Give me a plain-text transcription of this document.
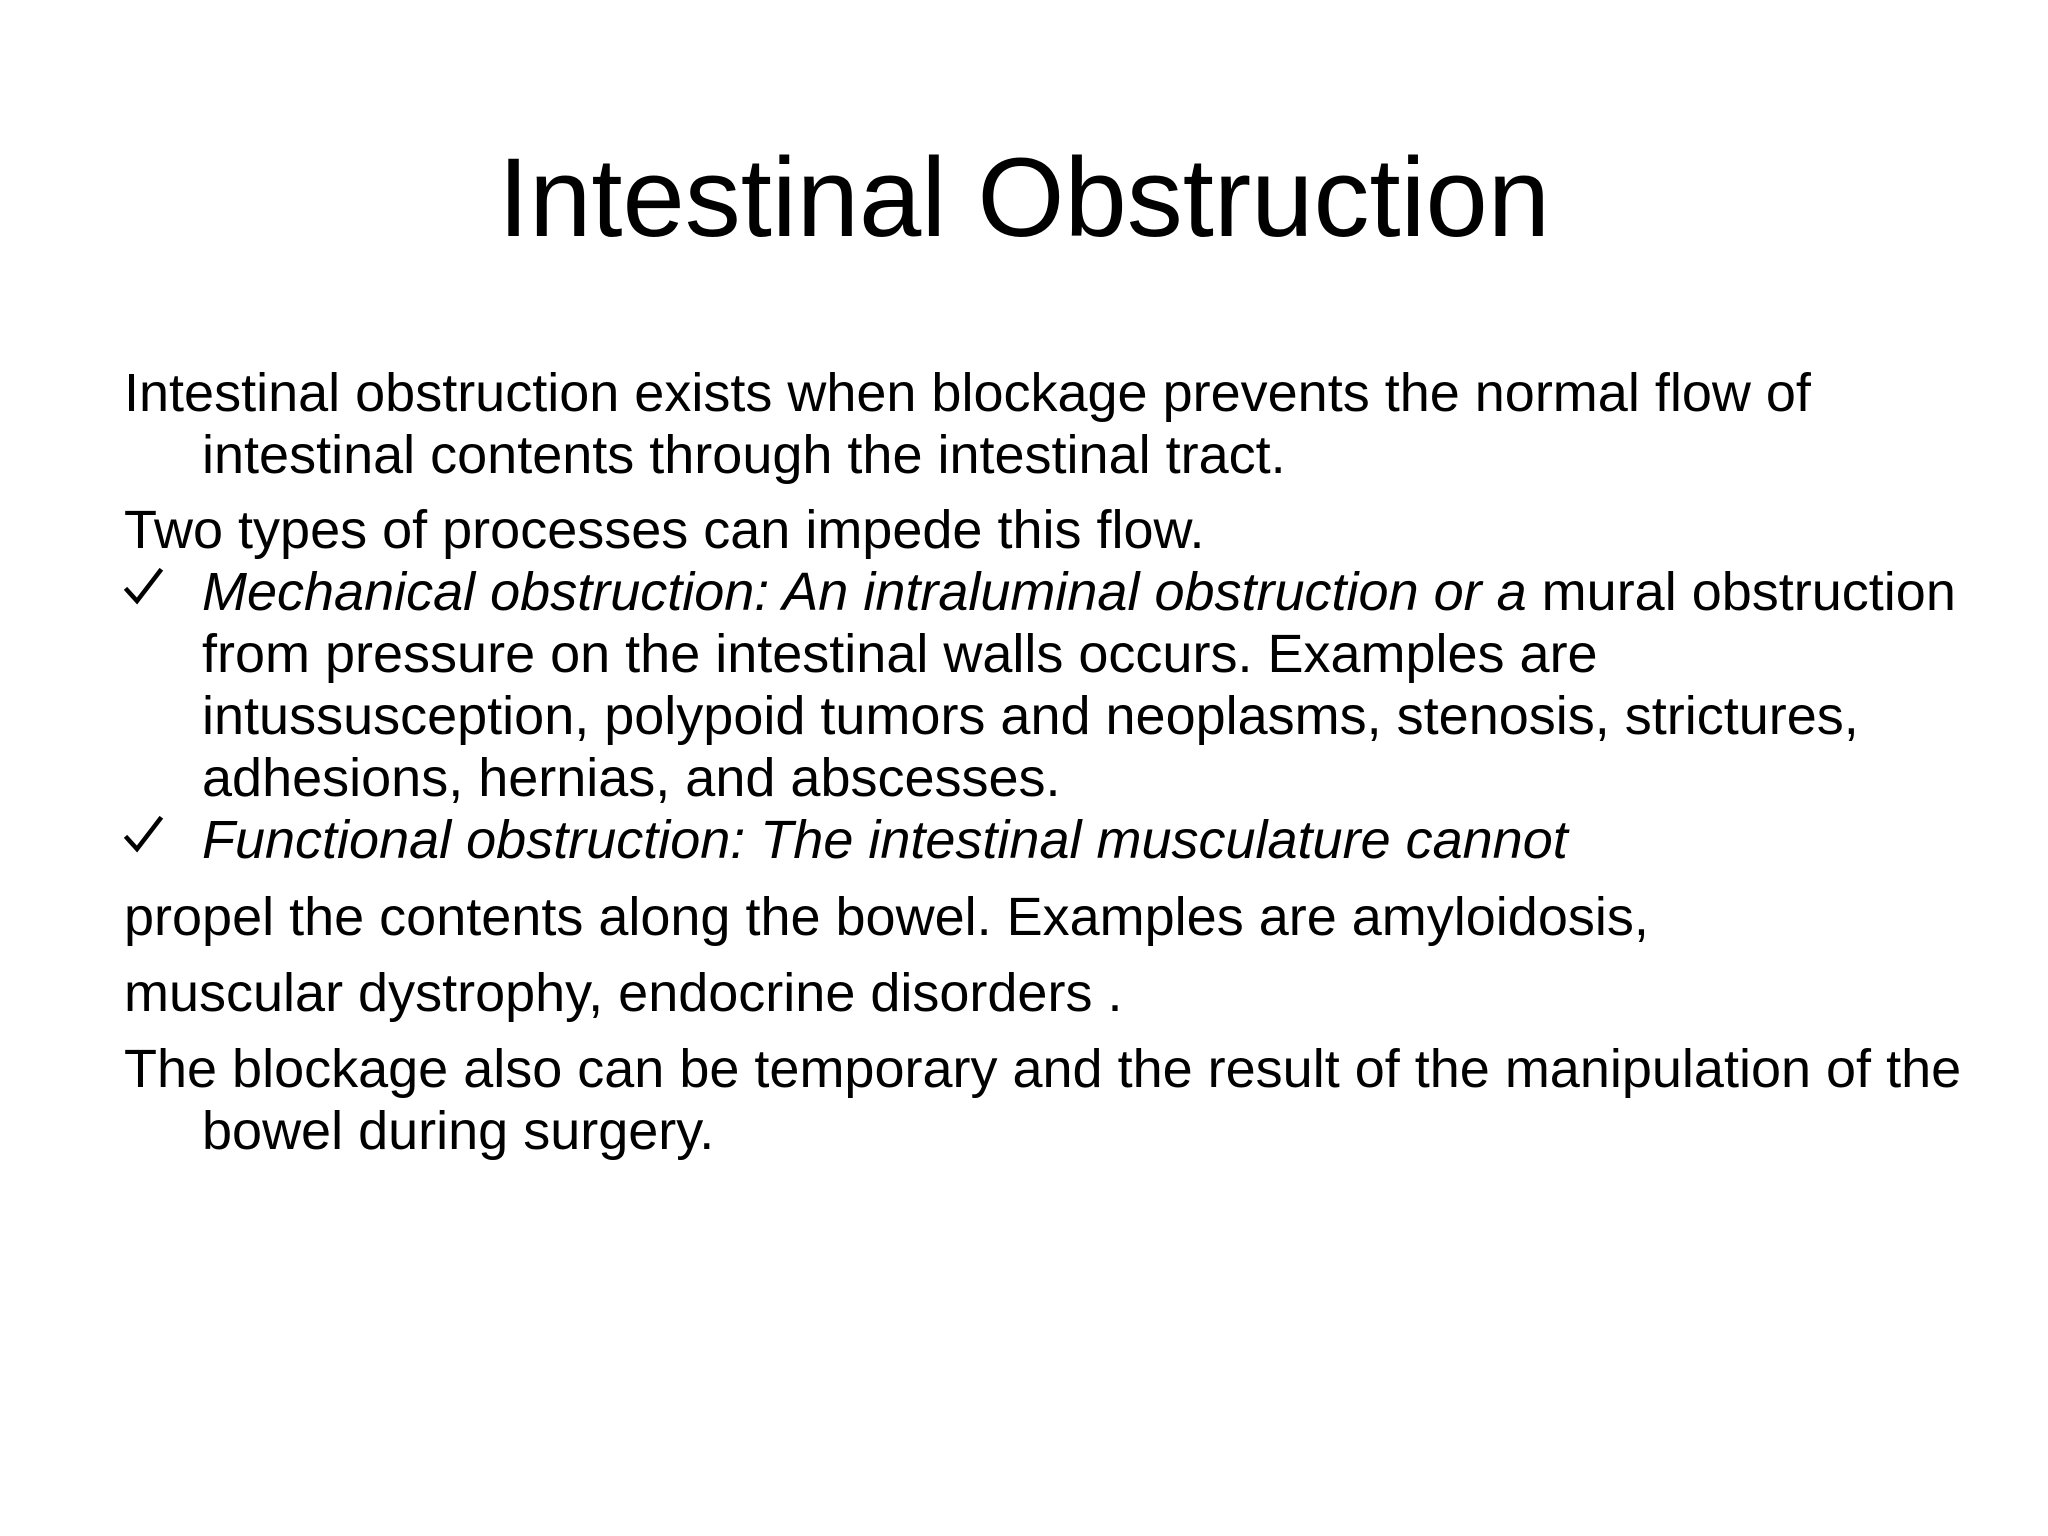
Intestinal Obstruction

Intestinal obstruction exists when blockage prevents the normal flow of intestinal contents through the intestinal tract.

Two types of processes can impede this flow.

Mechanical obstruction: An intraluminal obstruction or a mural obstruction from pressure on the intestinal walls occurs. Examples are   intussusception, polypoid tumors and neoplasms, stenosis, strictures, adhesions, hernias, and abscesses.
Functional obstruction: The intestinal musculature cannot

propel the contents along the bowel. Examples are amyloidosis,

muscular dystrophy, endocrine disorders .

The blockage also can be temporary and the result of the manipulation of the bowel during surgery.
